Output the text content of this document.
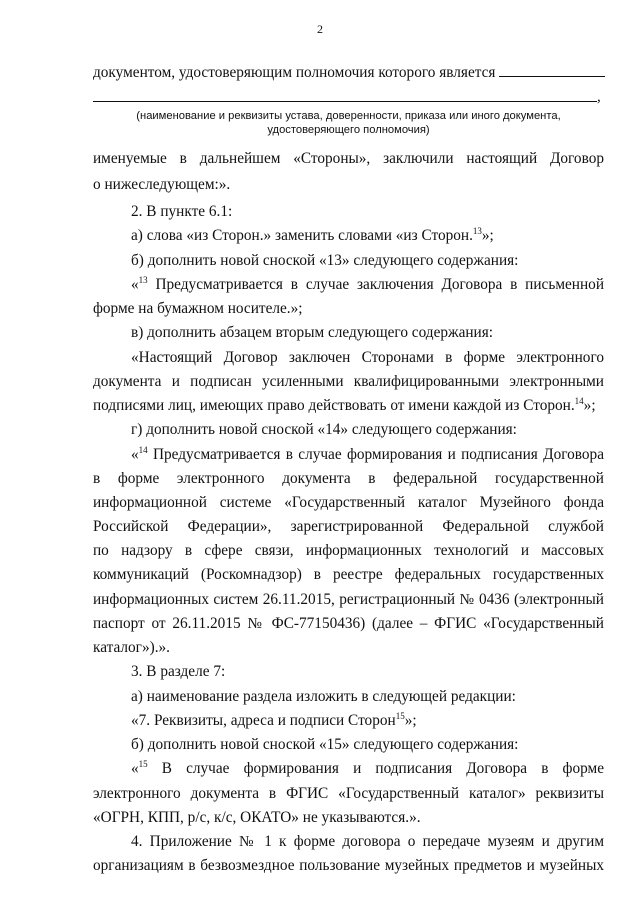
2
документом, удостоверяющим полномочия которого является
,
(наименование и реквизиты устава, доверенности, приказа или иного документа,
удостоверяющего полномочия)
именуемые в дальнейшем «Стороны», заключили настоящий Договор
о нижеследующем:».
2. В пункте 6.1:
а) слова «из Сторон.» заменить словами «из Сторон.$^{13}$»;
б) дополнить новой сноской «13» следующего содержания:
«$^{13}$ Предусматривается в случае заключения Договора в письменной
форме на бумажном носителе.»;
в) дополнить абзацем вторым следующего содержания:
«Настоящий Договор заключен Сторонами в форме электронного
документа и подписан усиленными квалифицированными электронными
подписями лиц, имеющих право действовать от имени каждой из Сторон.$^{14}$»;
г) дополнить новой сноской «14» следующего содержания:
«$^{14}$ Предусматривается в случае формирования и подписания Договора
в форме электронного документа в федеральной государственной
информационной системе «Государственный каталог Музейного фонда
Российской Федерации», зарегистрированной Федеральной службой
по надзору в сфере связи, информационных технологий и массовых
коммуникаций (Роскомнадзор) в реестре федеральных государственных
информационных систем 26.11.2015, регистрационный № 0436 (электронный
паспорт от 26.11.2015 № ФС-77150436) (далее – ФГИС «Государственный
каталог»).».
3. В разделе 7:
а) наименование раздела изложить в следующей редакции:
«7. Реквизиты, адреса и подписи Сторон$^{15}$»;
б) дополнить новой сноской «15» следующего содержания:
«$^{15}$ В случае формирования и подписания Договора в форме
электронного документа в ФГИС «Государственный каталог» реквизиты
«ОГРН, КПП, р/с, к/с, ОКАТО» не указываются.».
4. Приложение № 1 к форме договора о передаче музеям и другим
организациям в безвозмездное пользование музейных предметов и музейных
